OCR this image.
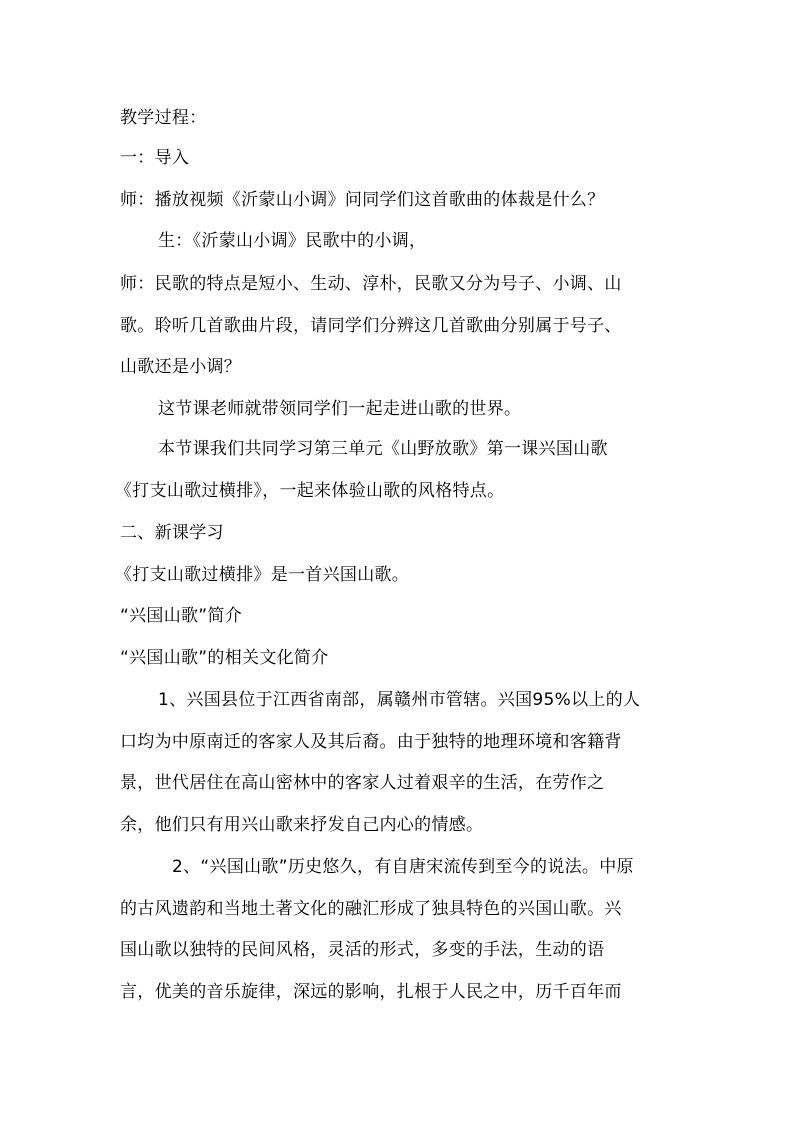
教学过程：
一：导入
师：播放视频《沂蒙山小调》问同学们这首歌曲的体裁是什么？
生：《沂蒙山小调》民歌中的小调，
师：民歌的特点是短小、生动、淳朴，民歌又分为号子、小调、山
歌。聆听几首歌曲片段，请同学们分辨这几首歌曲分别属于号子、
山歌还是小调？
这节课老师就带领同学们一起走进山歌的世界。
本节课我们共同学习第三单元《山野放歌》第一课兴国山歌
《打支山歌过横排》，一起来体验山歌的风格特点。
二、新课学习
《打支山歌过横排》是一首兴国山歌。
“兴国山歌”简介
“兴国山歌”的相关文化简介
1、兴国县位于江西省南部，属赣州市管辖。兴国95%以上的人
口均为中原南迁的客家人及其后裔。由于独特的地理环境和客籍背
景，世代居住在高山密林中的客家人过着艰辛的生活，在劳作之
余，他们只有用兴山歌来抒发自己内心的情感。
2、“兴国山歌”历史悠久，有自唐宋流传到至今的说法。中原
的古风遗韵和当地土著文化的融汇形成了独具特色的兴国山歌。兴
国山歌以独特的民间风格，灵活的形式，多变的手法，生动的语
言，优美的音乐旋律，深远的影响，扎根于人民之中，历千百年而
